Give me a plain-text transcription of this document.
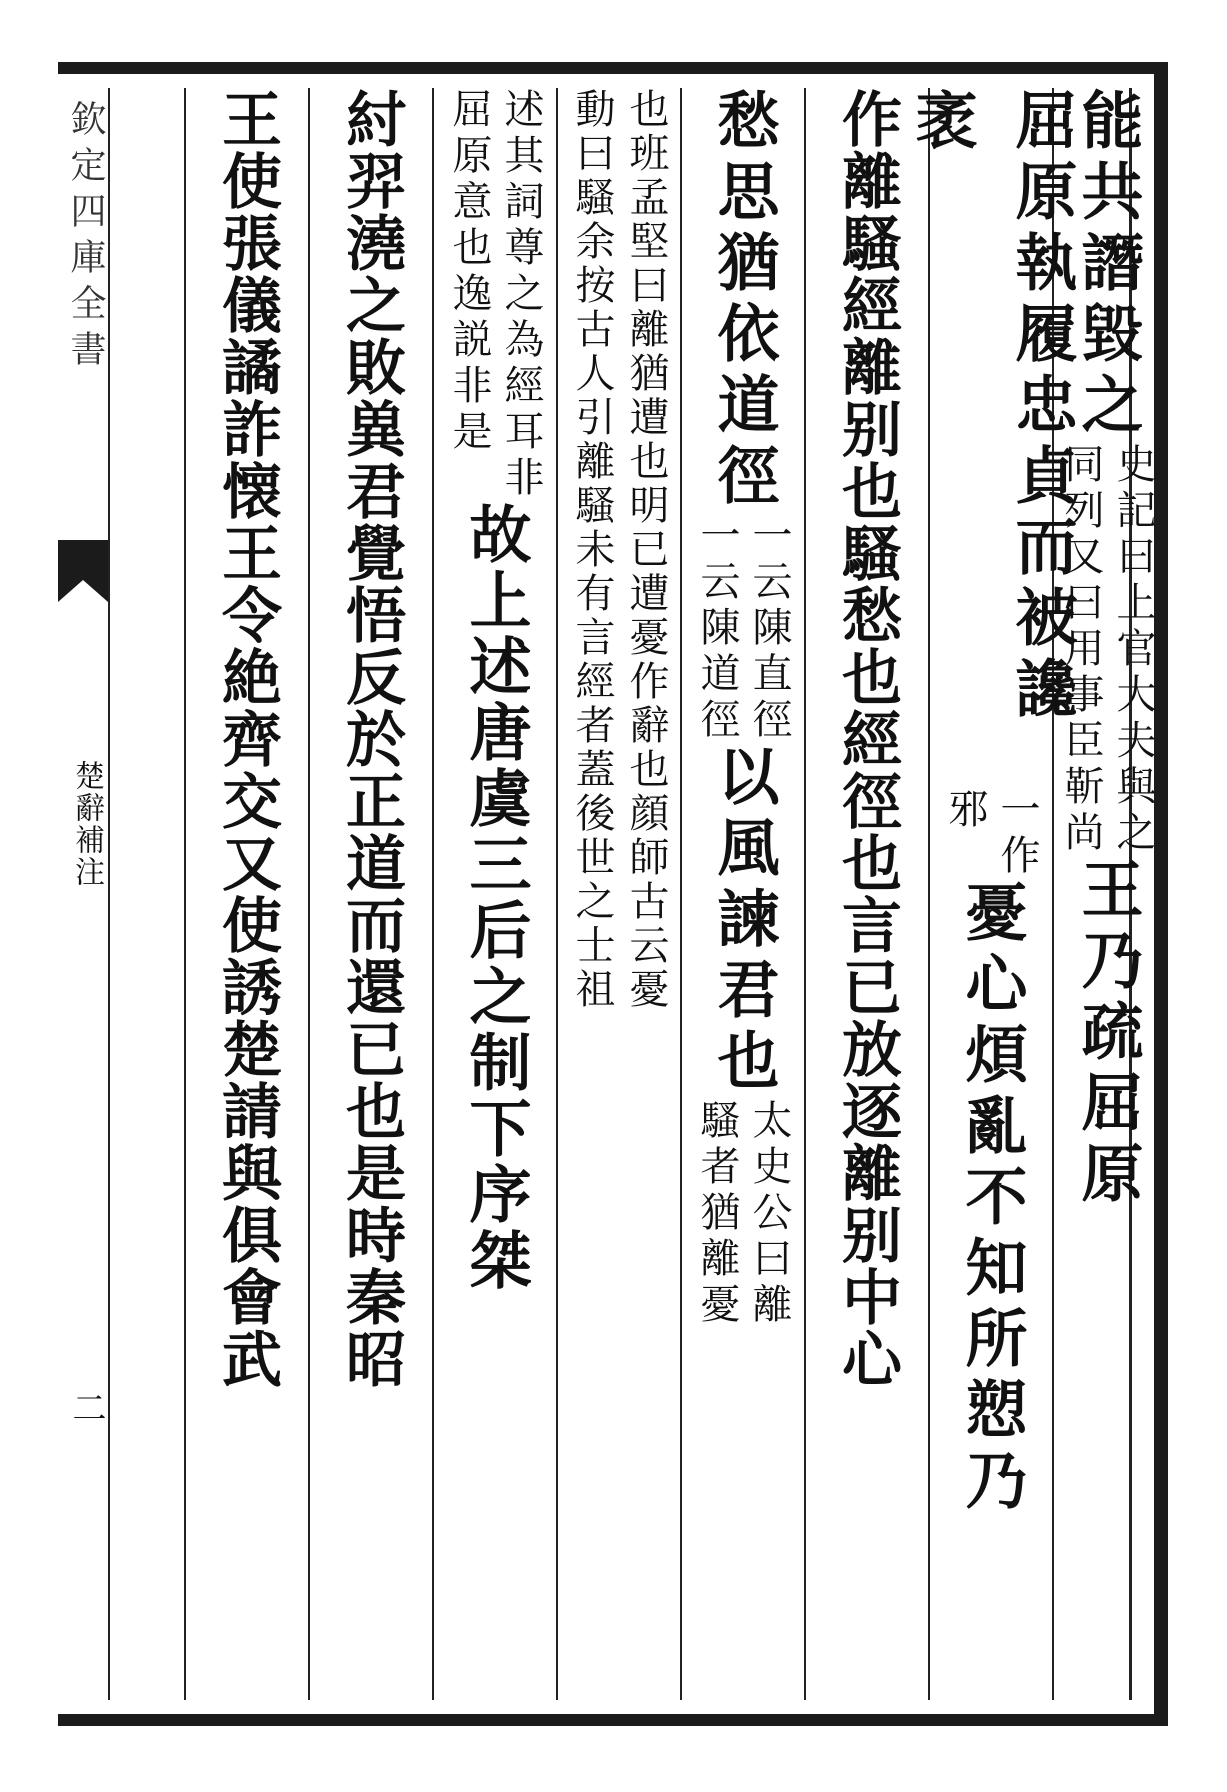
欽定四庫全書
楚辭補注
二

能共譖毀之

史記曰上官大夫與之

同列又曰用事臣靳尚

王乃疏屈原

屈原執履忠貞而被讒袤

一作

邪

憂心煩亂不知所愬乃

作離騷經離别也騷愁也經徑也言已放逐離别中心

愁思猶依道徑

一云陳直徑

一云陳道徑

以風諫君也

太史公曰離

騷者猶離憂

也班孟堅曰離猶遭也明已遭憂作辭也顔師古云憂

動曰騷余按古人引離騷未有言經者蓋後世之士祖

述其詞尊之為經耳非

屈原意也逸説非是

故上述唐虞三后之制下序桀

紂羿澆之敗兾君覺悟反於正道而還已也是時秦昭

王使張儀譎詐懐王令絶齊交又使誘楚請與俱會武
